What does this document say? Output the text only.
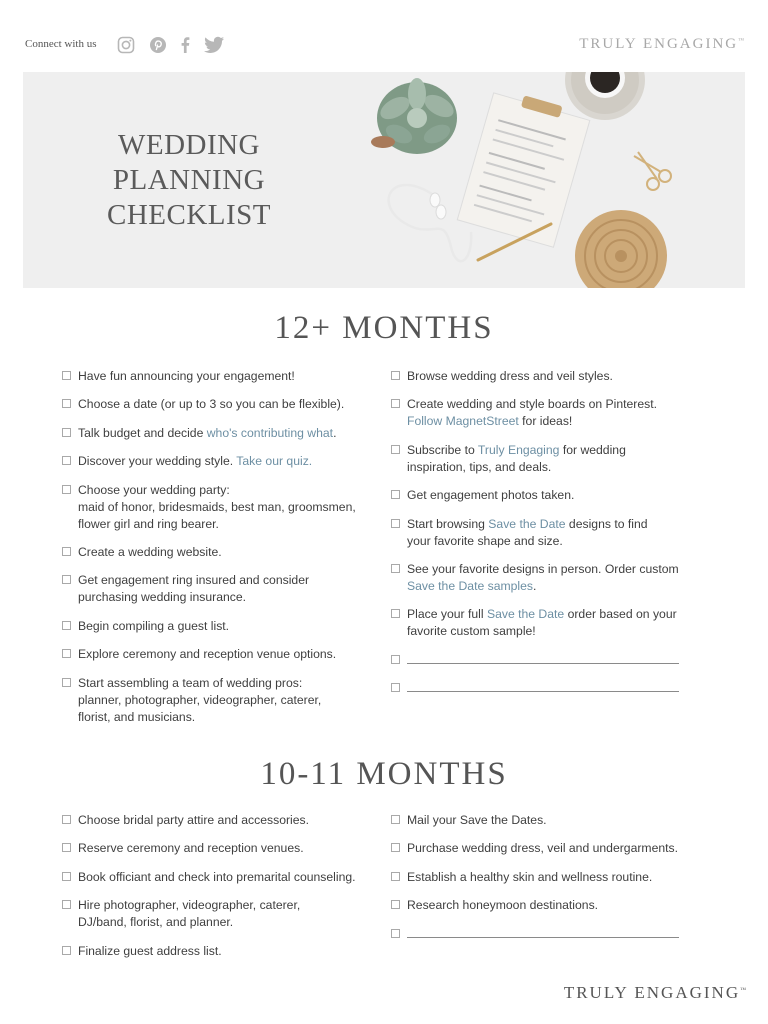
Connect with us	TRULY ENGAGING™
WEDDING
PLANNING
CHECKLIST
12+ MONTHS
Have fun announcing your engagement!
Choose a date (or up to 3 so you can be flexible).
Talk budget and decide who's contributing what.
Discover your wedding style. Take our quiz.
Choose your wedding party:
maid of honor, bridesmaids, best man, groomsmen,
flower girl and ring bearer.
Create a wedding website.
Get engagement ring insured and consider
purchasing wedding insurance.
Begin compiling a guest list.
Explore ceremony and reception venue options.
Start assembling a team of wedding pros:
planner, photographer, videographer, caterer,
florist, and musicians.
Browse wedding dress and veil styles.
Create wedding and style boards on Pinterest.
Follow MagnetStreet for ideas!
Subscribe to Truly Engaging for wedding
inspiration, tips, and deals.
Get engagement photos taken.
Start browsing Save the Date designs to find
your favorite shape and size.
See your favorite designs in person. Order custom
Save the Date samples.
Place your full Save the Date order based on your
favorite custom sample!
10-11 MONTHS
Choose bridal party attire and accessories.
Reserve ceremony and reception venues.
Book officiant and check into premarital counseling.
Hire photographer, videographer, caterer,
DJ/band, florist, and planner.
Finalize guest address list.
Mail your Save the Dates.
Purchase wedding dress, veil and undergarments.
Establish a healthy skin and wellness routine.
Research honeymoon destinations.
TRULY ENGAGING™
